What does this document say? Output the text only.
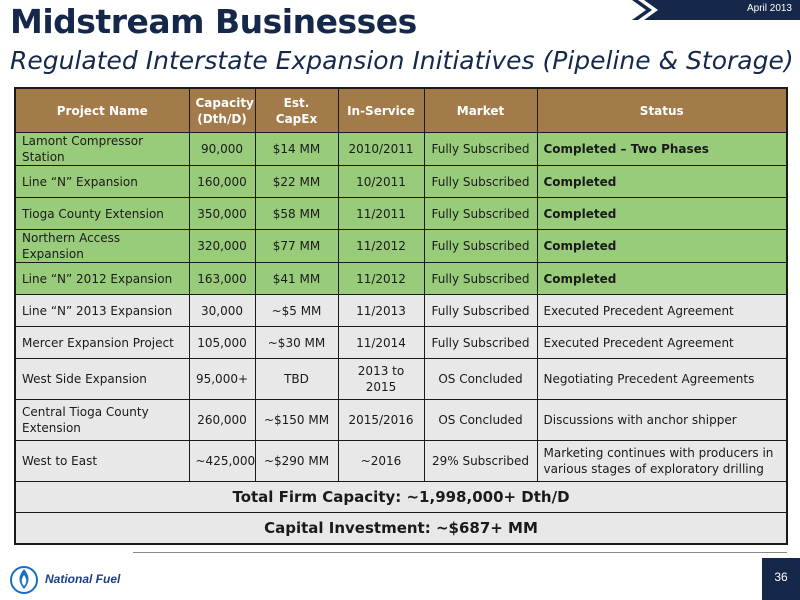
Midstream Businesses
Regulated Interstate Expansion Initiatives (Pipeline & Storage)
April 2013
Project Name	Capacity (Dth/D)	Est. CapEx	In-Service	Market	Status
Lamont Compressor Station	90,000	$14 MM	2010/2011	Fully Subscribed	Completed – Two Phases
Line “N” Expansion	160,000	$22 MM	10/2011	Fully Subscribed	Completed
Tioga County Extension	350,000	$58 MM	11/2011	Fully Subscribed	Completed
Northern Access Expansion	320,000	$77 MM	11/2012	Fully Subscribed	Completed
Line “N” 2012 Expansion	163,000	$41 MM	11/2012	Fully Subscribed	Completed
Line “N” 2013 Expansion	30,000	~$5 MM	11/2013	Fully Subscribed	Executed Precedent Agreement
Mercer Expansion Project	105,000	~$30 MM	11/2014	Fully Subscribed	Executed Precedent Agreement
West Side Expansion	95,000+	TBD	2013 to 2015	OS Concluded	Negotiating Precedent Agreements
Central Tioga County Extension	260,000	~$150 MM	2015/2016	OS Concluded	Discussions with anchor shipper
West to East	~425,000	~$290 MM	~2016	29% Subscribed	Marketing continues with producers in various stages of exploratory drilling
Total Firm Capacity: ~1,998,000+ Dth/D					
Capital Investment: ~$687+ MM					
National Fuel	36
